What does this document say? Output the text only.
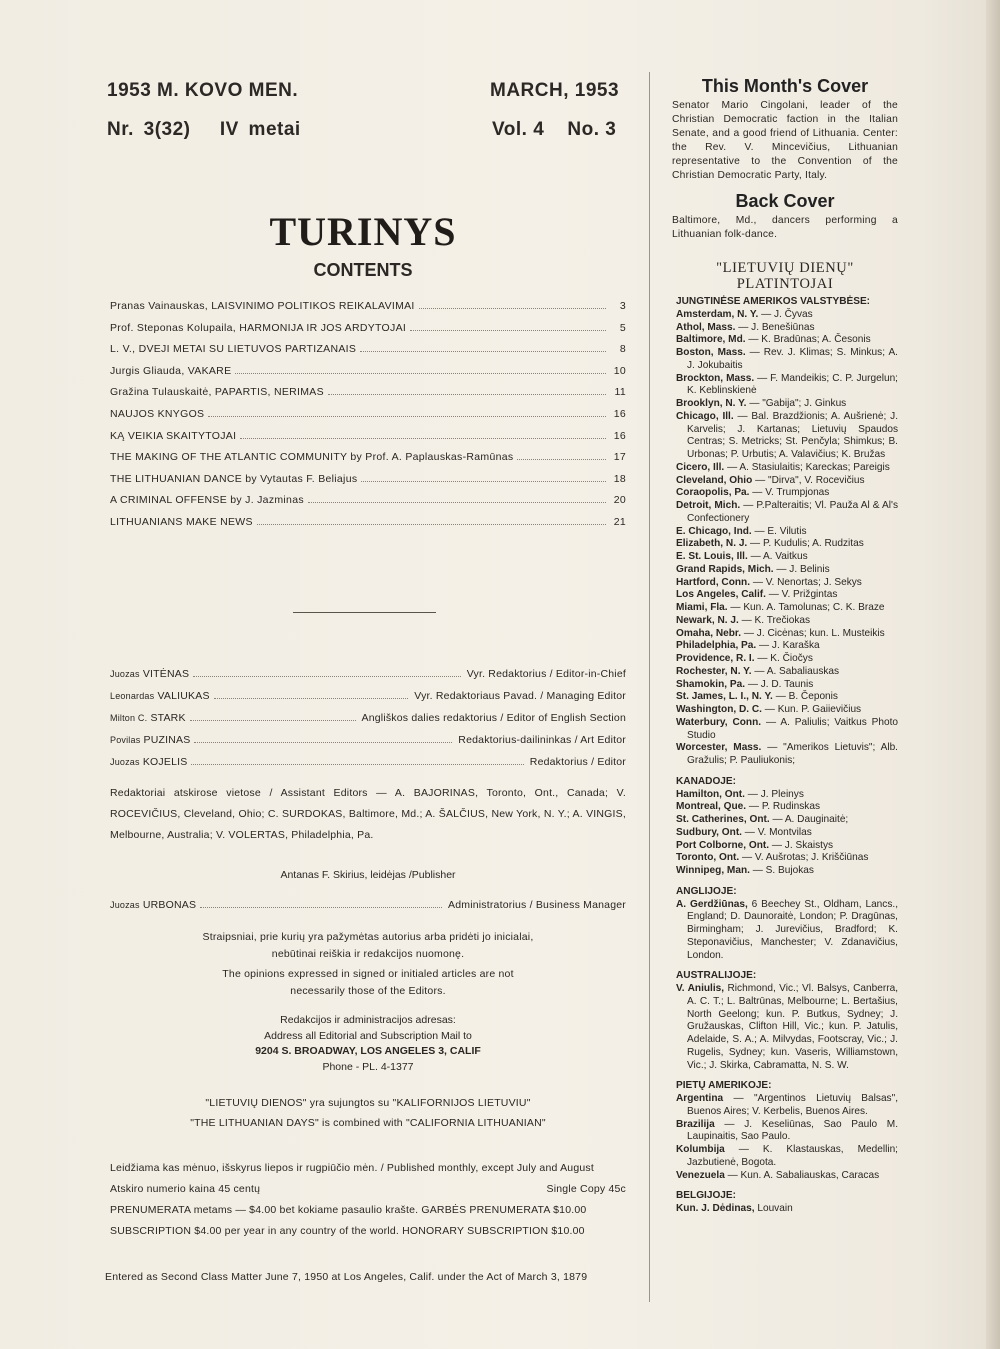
1953 M. KOVO MEN.
Nr. 3(32)   IV metai
MARCH, 1953
Vol. 4    No. 3
TURINYS
CONTENTS
Pranas Vainauskas, LAISVINIMO POLITIKOS REIKALAVIMAI	3
Prof. Steponas Kolupaila, HARMONIJA IR JOS ARDYTOJAI	5
L. V., DVEJI METAI SU LIETUVOS PARTIZANAIS	8
Jurgis Gliauda, VAKARE	10
Gražina Tulauskaitė, PAPARTIS, NERIMAS	11
NAUJOS KNYGOS	16
KĄ VEIKIA SKAITYTOJAI	16
THE MAKING OF THE ATLANTIC COMMUNITY by Prof. A. Paplauskas-Ramūnas	17
THE LITHUANIAN DANCE by Vytautas F. Beliajus	18
A CRIMINAL OFFENSE by J. Jazminas	20
LITHUANIANS MAKE NEWS	21
Juozas VITĖNAS	Vyr. Redaktorius / Editor-in-Chief
Leonardas VALIUKAS	Vyr. Redaktoriaus Pavad. / Managing Editor
Milton C. STARK	Angliškos dalies redaktorius / Editor of English Section
Povilas PUZINAS	Redaktorius-dailininkas / Art Editor
Juozas KOJELIS	Redaktorius / Editor
Redaktoriai atskirose vietose / Assistant Editors — A. BAJORINAS, Toronto, Ont., Canada; V. ROCEVIČIUS, Cleveland, Ohio; C. SURDOKAS, Baltimore, Md.; A. ŠALČIUS, New York, N. Y.; A. VINGIS, Melbourne, Australia; V. VOLERTAS, Philadelphia, Pa.
Antanas F. Skirius, leidėjas /Publisher
Juozas URBONAS	Administratorius / Business Manager
Straipsniai, prie kurių yra pažymėtas autorius arba pridėti jo inicialai, nebūtinai reiškia ir redakcijos nuomonę.
The opinions expressed in signed or initialed articles are not necessarily those of the Editors.
Redakcijos ir administracijos adresas:
Address all Editorial and Subscription Mail to
9204 S. BROADWAY, LOS ANGELES 3, CALIF
Phone - PL. 4-1377
"LIETUVIŲ DIENOS" yra sujungtos su "KALIFORNIJOS LIETUVIU"
"THE LITHUANIAN DAYS" is combined with "CALIFORNIA LITHUANIAN"
Leidžiama kas mėnuo, išskyrus liepos ir rugpiūčio mėn. / Published monthly, except July and August
Atskiro numerio kaina 45 centų	Single Copy 45c
PRENUMERATA metams — $4.00 bet kokiame pasaulio krašte. GARBĖS PRENUMERATA $10.00
SUBSCRIPTION $4.00 per year in any country of the world. HONORARY SUBSCRIPTION $10.00
Entered as Second Class Matter June 7, 1950 at Los Angeles, Calif. under the Act of March 3, 1879
This Month's Cover
Senator Mario Cingolani, leader of the Christian Democratic faction in the Italian Senate, and a good friend of Lithuania. Center: the Rev. V. Mincevičius, Lithuanian representative to the Convention of the Christian Democratic Party, Italy.
Back Cover
Baltimore, Md., dancers performing a Lithuanian folk-dance.
"LIETUVIŲ DIENŲ"
PLATINTOJAI
JUNGTINĖSE AMERIKOS VALSTYBĖSE:
Amsterdam, N. Y. — J. Čyvas
Athol, Mass. — J. Benešiūnas
Baltimore, Md. — K. Bradūnas; A. Česonis
Boston, Mass. — Rev. J. Klimas; S. Minkus; A. J. Jokubaitis
Brockton, Mass. — F. Mandeikis; C. P. Jurgelun; K. Keblinskienė
Brooklyn, N. Y. — "Gabija"; J. Ginkus
Chicago, Ill. — Bal. Brazdžionis; A. Aušrienė; J. Karvelis; J. Kartanas; Lietuvių Spaudos Centras; S. Metricks; St. Penčyla; Shimkus; B. Urbonas; P. Urbutis; A. Valavičius; K. Bružas
Cicero, Ill. — A. Stasiulaitis; Kareckas; Pareigis
Cleveland, Ohio — "Dirva", V. Rocevičius
Coraopolis, Pa. — V. Trumpjonas
Detroit, Mich. — P.Palteraitis; Vl. Pauža Al & Al's Confectionery
E. Chicago, Ind. — E. Vilutis
Elizabeth, N. J. — P. Kudulis; A. Rudzitas
E. St. Louis, Ill. — A. Vaitkus
Grand Rapids, Mich. — J. Belinis
Hartford, Conn. — V. Nenortas; J. Sekys
Los Angeles, Calif. — V. Prižgintas
Miami, Fla. — Kun. A. Tamolunas; C. K. Braze
Newark, N. J. — K. Trečiokas
Omaha, Nebr. — J. Cicėnas; kun. L. Musteikis
Philadelphia, Pa. — J. Karaška
Providence, R. I. — K. Čiočys
Rochester, N. Y. — A. Sabaliauskas
Shamokin, Pa. — J. D. Taunis
St. James, L. I., N. Y. — B. Čeponis
Washington, D. C. — Kun. P. Gaiievičius
Waterbury, Conn. — A. Paliulis; Vaitkus Photo Studio
Worcester, Mass. — "Amerikos Lietuvis"; Alb. Gražulis; P. Pauliukonis;
KANADOJE:
Hamilton, Ont. — J. Pleinys
Montreal, Que. — P. Rudinskas
St. Catherines, Ont. — A. Dauginaitė;
Sudbury, Ont. — V. Montvilas
Port Colborne, Ont. — J. Skaistys
Toronto, Ont. — V. Aušrotas; J. Kriščiūnas
Winnipeg, Man. — S. Bujokas
ANGLIJOJE:
A. Gerdžiūnas, 6 Beechey St., Oldham, Lancs., England; D. Daunoraitė, London; P. Dragūnas, Birmingham; J. Jurevičius, Bradford; K. Steponavičius, Manchester; V. Zdanavičius, London.
AUSTRALIJOJE:
V. Aniulis, Richmond, Vic.; Vl. Balsys, Canberra, A. C. T.; L. Baltrūnas, Melbourne; L. Bertašius, North Geelong; kun. P. Butkus, Sydney; J. Gružauskas, Clifton Hill, Vic.; kun. P. Jatulis, Adelaide, S. A.; A. Milvydas, Footscray, Vic.; J. Rugelis, Sydney; kun. Vaseris, Williamstown, Vic.; J. Skirka, Cabramatta, N. S. W.
PIETŲ AMERIKOJE:
Argentina — "Argentinos Lietuvių Balsas", Buenos Aires; V. Kerbelis, Buenos Aires.
Brazilija — J. Keseliūnas, Sao Paulo M. Laupinaitis, Sao Paulo.
Kolumbija — K. Klastauskas, Medellin; Jazbutienė, Bogota.
Venezuela — Kun. A. Sabaliauskas, Caracas
BELGIJOJE:
Kun. J. Dėdinas, Louvain
